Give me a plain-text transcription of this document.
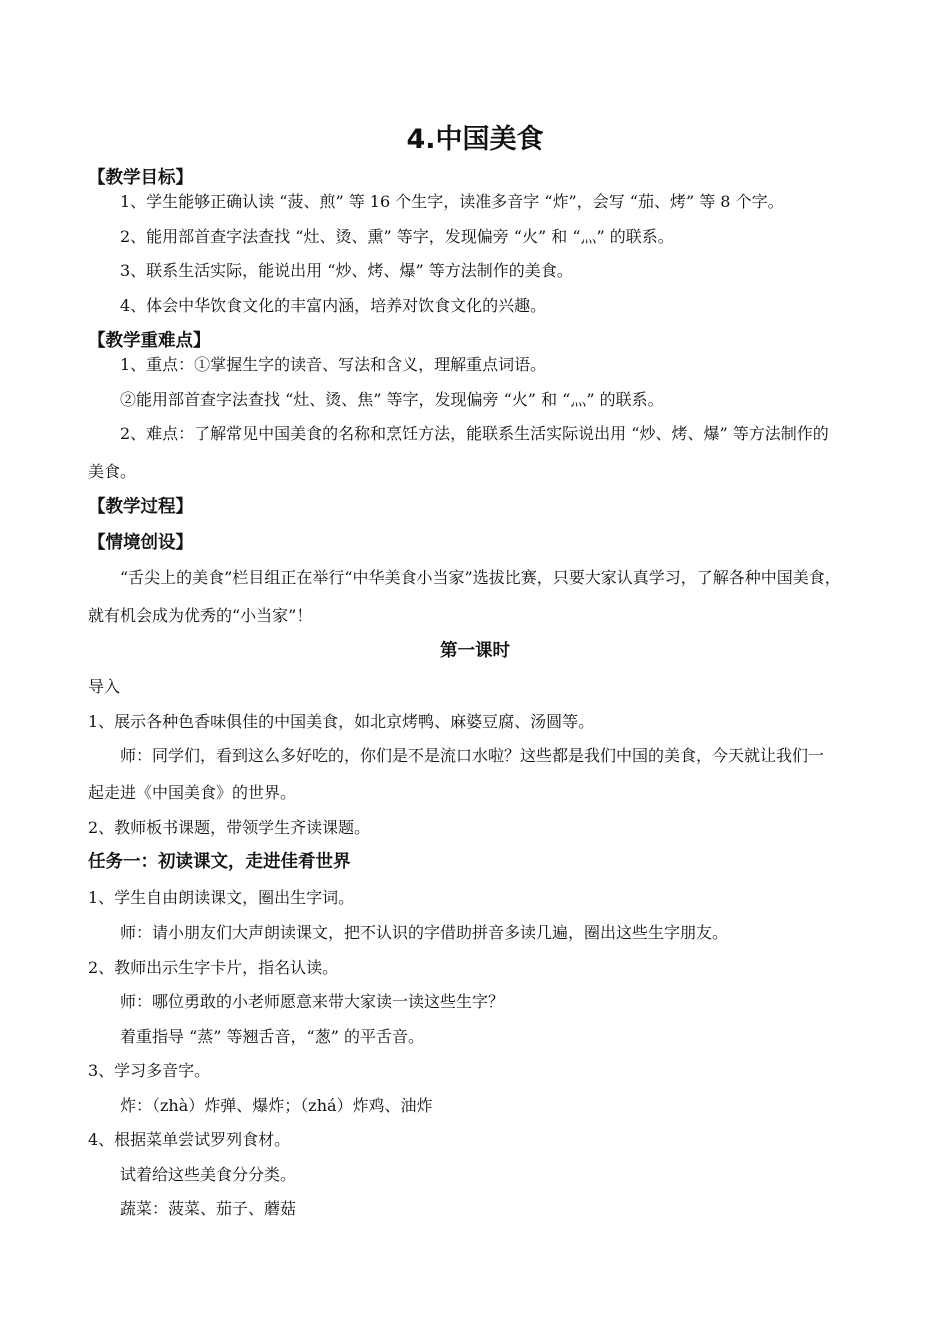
4.中国美食
【教学目标】
1、学生能够正确认读 “菠、煎” 等 16 个生字，读准多音字 “炸”，会写 “茄、烤” 等 8 个字。
2、能用部首查字法查找 “灶、烫、熏” 等字，发现偏旁 “火” 和 “灬” 的联系。
3、联系生活实际，能说出用 “炒、烤、爆” 等方法制作的美食。
4、体会中华饮食文化的丰富内涵，培养对饮食文化的兴趣。
【教学重难点】
1、重点：①掌握生字的读音、写法和含义，理解重点词语。
②能用部首查字法查找 “灶、烫、焦” 等字，发现偏旁 “火” 和 “灬” 的联系。
2、难点：了解常见中国美食的名称和烹饪方法，能联系生活实际说出用 “炒、烤、爆” 等方法制作的
美食。
【教学过程】
【情境创设】
“舌尖上的美食”栏目组正在举行“中华美食小当家”选拔比赛，只要大家认真学习，了解各种中国美食，
就有机会成为优秀的“小当家”！
第一课时
导入
1、展示各种色香味俱佳的中国美食，如北京烤鸭、麻婆豆腐、汤圆等。
师：同学们，看到这么多好吃的，你们是不是流口水啦？这些都是我们中国的美食，今天就让我们一
起走进《中国美食》的世界。
2、教师板书课题，带领学生齐读课题。
任务一：初读课文，走进佳肴世界
1、学生自由朗读课文，圈出生字词。
师：请小朋友们大声朗读课文，把不认识的字借助拼音多读几遍，圈出这些生字朋友。
2、教师出示生字卡片，指名认读。
师：哪位勇敢的小老师愿意来带大家读一读这些生字？
着重指导 “蒸” 等翘舌音，“葱” 的平舌音。
3、学习多音字。
炸：（zhà）炸弹、爆炸；（zhá）炸鸡、油炸
4、根据菜单尝试罗列食材。
试着给这些美食分分类。
蔬菜：菠菜、茄子、蘑菇
